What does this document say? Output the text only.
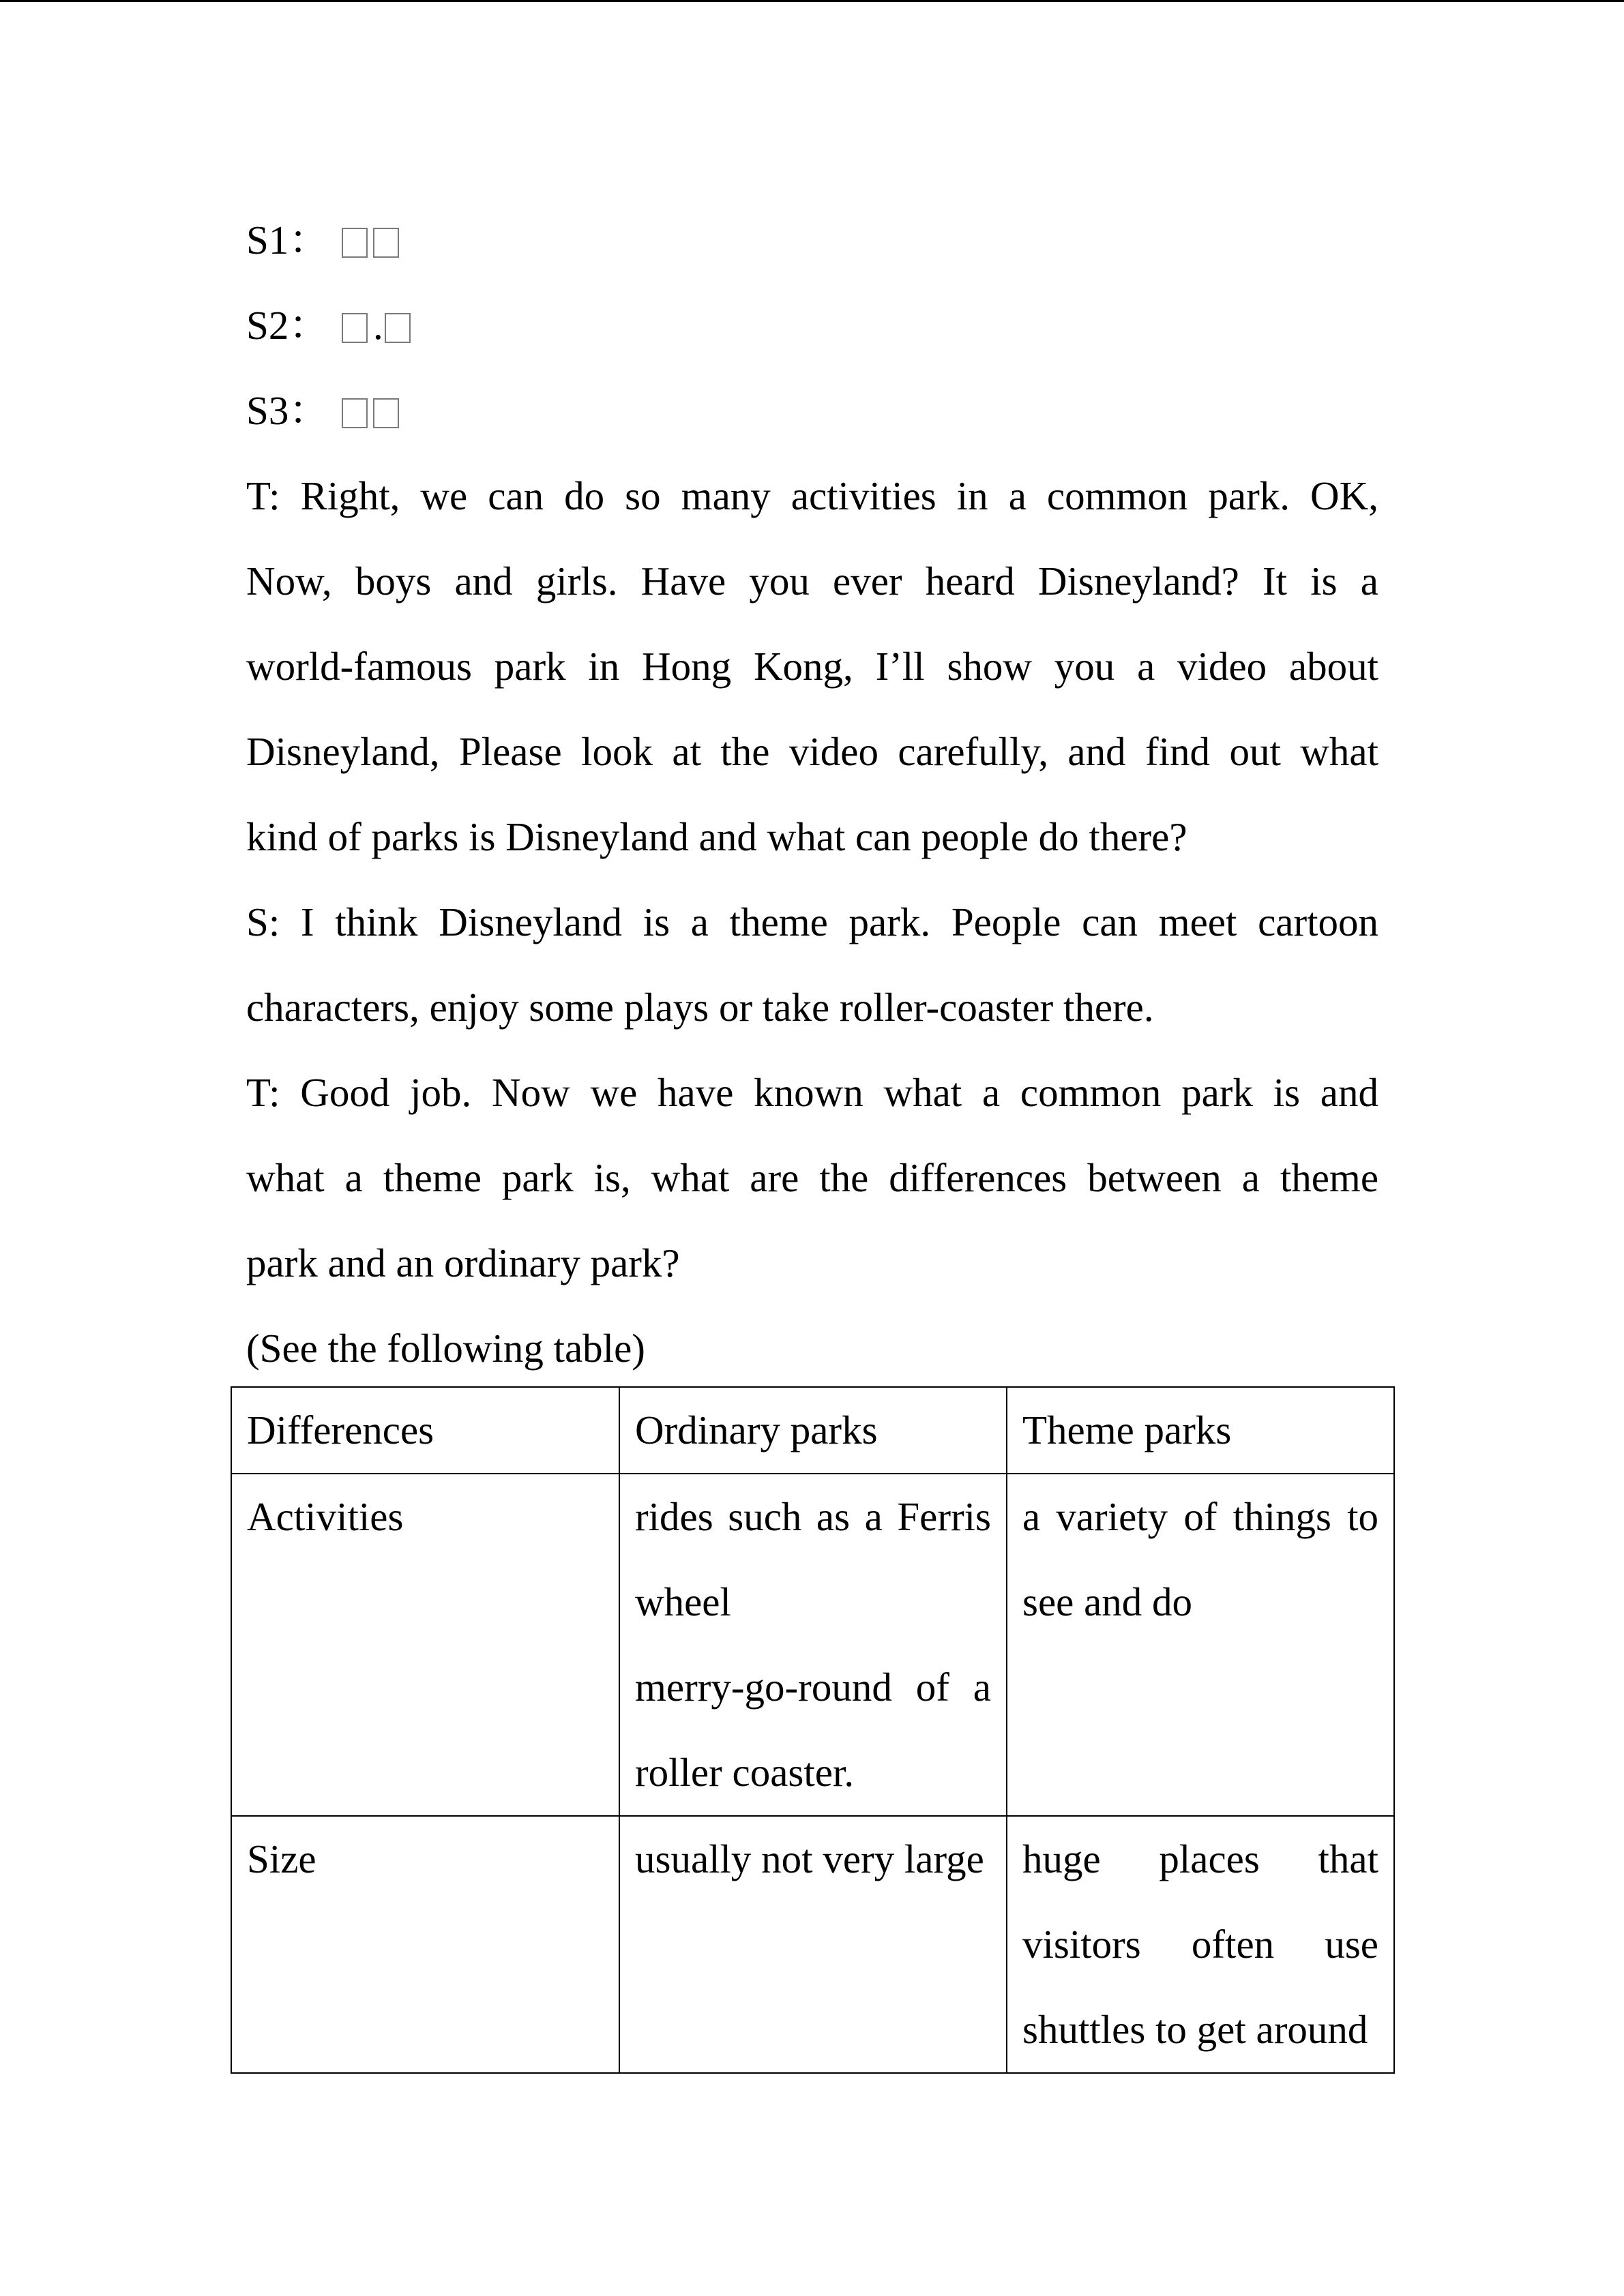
S1：
S2： .
S3：
T: Right, we can do so many activities in a common park. OK,
Now, boys and girls. Have you ever heard Disneyland? It is a
world-famous park in Hong Kong, I’ll show you a video about
Disneyland, Please look at the video carefully, and find out what
kind of parks is Disneyland and what can people do there?
S: I think Disneyland is a theme park. People can meet cartoon
characters, enjoy some plays or take roller-coaster there.
T: Good job. Now we have known what a common park is and
what a theme park is, what are the differences between a theme
park and an ordinary park?
(See the following table)
Differences	Ordinary parks	Theme parks

Activities	rides such as a Ferris
wheel
merry-go-round of a
roller coaster.	a variety of things to
see and do

Size	usually not very large	huge places that
visitors often use
shuttles to get around
